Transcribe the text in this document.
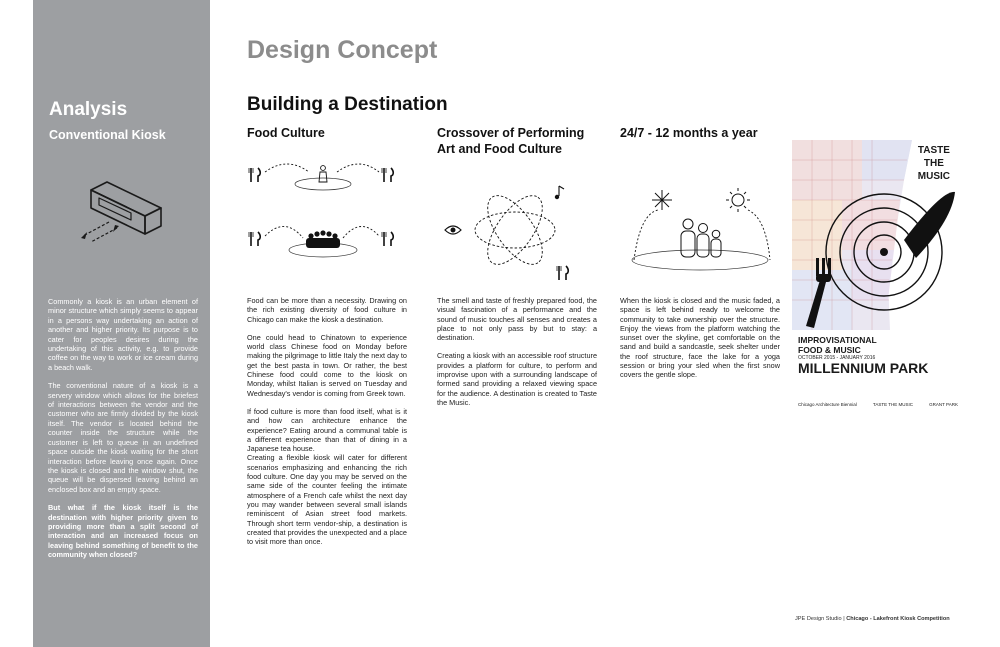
Analysis
Conventional Kiosk

Commonly a kiosk is an urban element of minor structure which simply seems to appear in a persons way undertaking an action of another and higher priority. Its purpose is to cater for peoples desires during the undertaking of this activity, e.g. to provide coffee on the way to work or ice cream during a beach walk.

The conventional nature of a kiosk is a servery window which allows for the briefest of interactions between the vendor and the customer who are firmly divided by the kiosk itself. The vendor is located behind the counter inside the structure while the customer is left to queue in an undefined space outside the kiosk waiting for the short interaction before leaving once again. Once the kiosk is closed and the window shut, the queue will be dispersed leaving behind an enclosed box and an empty space.

But what if the kiosk itself is the destination with higher priority given to providing more than a split second of interaction and an increased focus on leaving behind something of benefit to the community when closed?

Design Concept
Building a Destination
Food Culture

Food can be more than a necessity. Drawing on the rich existing diversity of food culture in Chicago can make the kiosk a destination.

One could head to Chinatown to experience world class Chinese food on Monday before making the pilgrimage to little Italy the next day to get the best pasta in town. Or rather, the best Chinese food could come to the kiosk on Monday, whilst Italian is served on Tuesday and Wednesday's vendor is coming from Greek town.

If food culture is more than food itself, what is it and how can architecture enhance the experience? Eating around a communal table is a different experience than that of dining in a Japanese tea house.

Creating a flexible kiosk will cater for different scenarios emphasizing and enhancing the rich food culture. One day you may be served on the same side of the counter feeling the intimate atmosphere of a French cafe whilst the next day you may wander between several small islands reminiscent of Asian street food markets. Through short term vendor-ship, a destination is created that provides the unexpected and a place to visit more than once.

Crossover of Performing Art and Food Culture

The smell and taste of freshly prepared food, the visual fascination of a performance and the sound of music touches all senses and creates a place to not only pass by but to stay: a destination.

Creating a kiosk with an accessible roof structure provides a platform for culture, to perform and improvise upon with a surrounding landscape of formed sand providing a relaxed viewing space for the audience. A destination is created to Taste the Music.

24/7 - 12 months a year

When the kiosk is closed and the music faded, a space is left behind ready to welcome the community to take ownership over the structure. Enjoy the views from the platform watching the sunset over the skyline, get comfortable on the sand and build a sandcastle, seek shelter under the roof structure, face the lake for a yoga session or bring your sled when the first snow covers the gentle slope.

TASTE
THE
MUSIC
IMPROVISATIONAL
FOOD & MUSIC
OCTOBER 2015 - JANUARY 2016
MILLENNIUM PARK
Chicago Architecture Biennial	TASTE THE MUSIC	GRANT PARK
JPE Design Studio | Chicago - Lakefront Kiosk Competition
